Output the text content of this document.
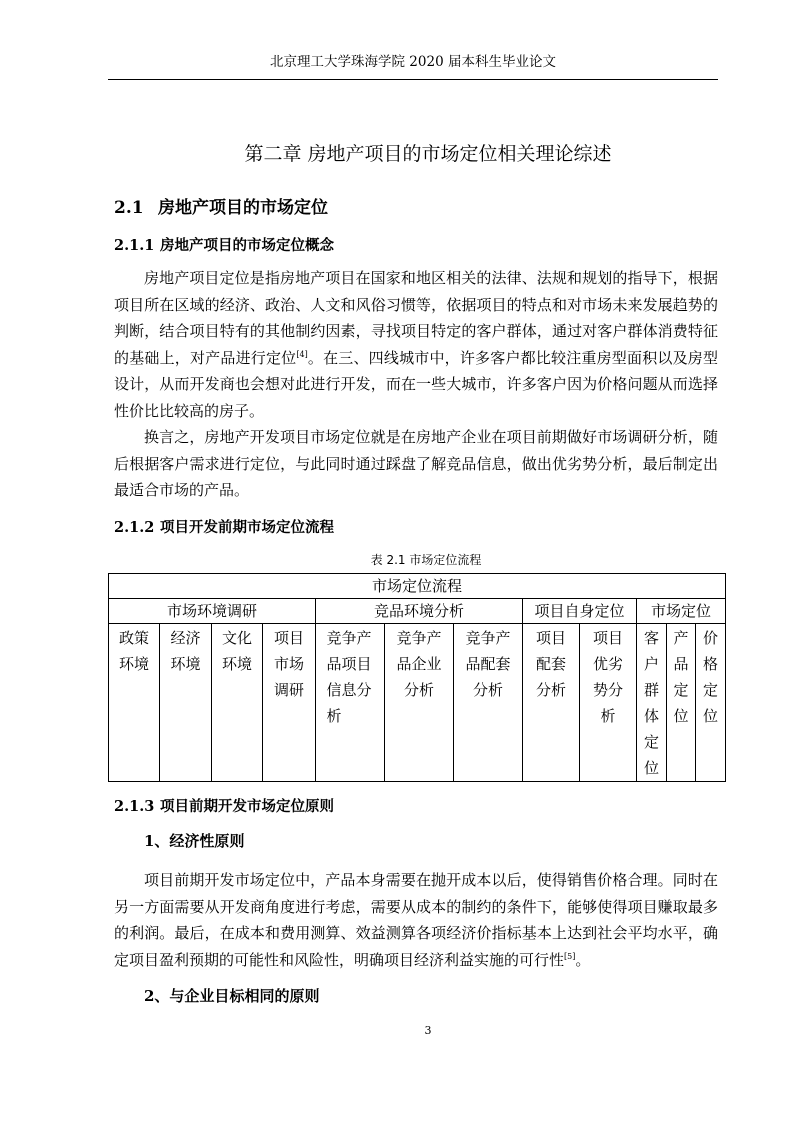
北京理工大学珠海学院 2020 届本科生毕业论文
第二章 房地产项目的市场定位相关理论综述
2.1 房地产项目的市场定位
2.1.1 房地产项目的市场定位概念

房地产项目定位是指房地产项目在国家和地区相关的法律、法规和规划的指导下，根据项目所在区域的经济、政治、人文和风俗习惯等，依据项目的特点和对市场未来发展趋势的判断，结合项目特有的其他制约因素，寻找项目特定的客户群体，通过对客户群体消费特征的基础上，对产品进行定位[4]。在三、四线城市中，许多客户都比较注重房型面积以及房型设计，从而开发商也会想对此进行开发，而在一些大城市，许多客户因为价格问题从而选择性价比比较高的房子。

换言之，房地产开发项目市场定位就是在房地产企业在项目前期做好市场调研分析，随后根据客户需求进行定位，与此同时通过踩盘了解竞品信息，做出优劣势分析，最后制定出最适合市场的产品。

2.1.2 项目开发前期市场定位流程
表 2.1 市场定位流程
市场定位流程											
市场环境调研				竞品环境分析			项目自身定位		市场定位		
政策环境	经济环境	文化环境	项目市场调研	竞争产品项目信息分析	竞争产品企业分析	竞争产品配套分析	项目配套分析	项目优劣势分析	客户群体定位	产品定位	价格定位
2.1.3 项目前期开发市场定位原则
1、经济性原则

项目前期开发市场定位中，产品本身需要在抛开成本以后，使得销售价格合理。同时在另一方面需要从开发商角度进行考虑，需要从成本的制约的条件下，能够使得项目赚取最多的利润。最后，在成本和费用测算、效益测算各项经济价指标基本上达到社会平均水平，确定项目盈利预期的可能性和风险性，明确项目经济利益实施的可行性[5]。

2、与企业目标相同的原则
3
